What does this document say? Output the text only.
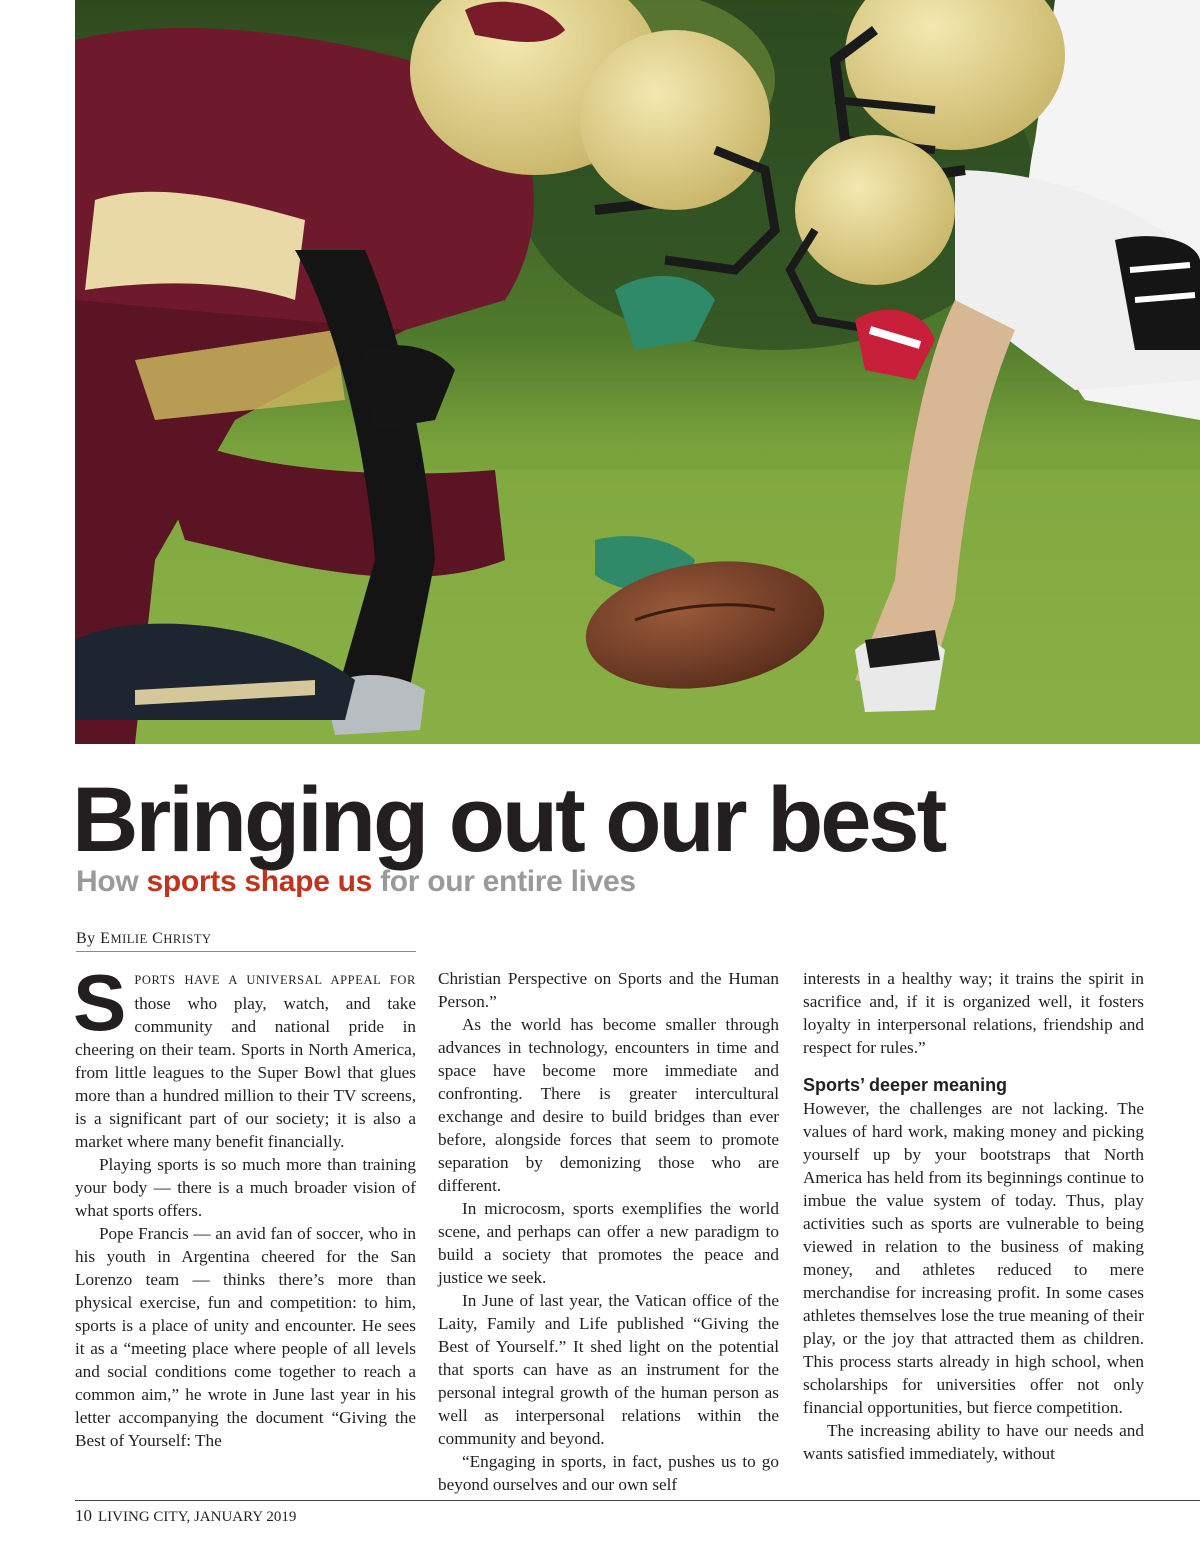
Bringing out our best
How sports shape us for our entire lives
By EMILIE CHRISTY

SPORTS HAVE A UNIVERSAL APPEAL FOR those who play, watch, and take community and national pride in cheering on their team. Sports in North America, from little leagues to the Super Bowl that glues more than a hundred million to their TV screens, is a significant part of our society; it is also a market where many benefit financially.

Playing sports is so much more than training your body — there is a much broader vision of what sports offers.

Pope Francis — an avid fan of soccer, who in his youth in Argentina cheered for the San Lorenzo team — thinks there’s more than physical exercise, fun and competition: to him, sports is a place of unity and encounter. He sees it as a “meeting place where people of all levels and social conditions come together to reach a common aim,” he wrote in June last year in his letter accompanying the document “Giving the Best of Yourself: The

Christian Perspective on Sports and the Human Person.”

As the world has become smaller through advances in technology, encounters in time and space have become more immediate and confronting. There is greater intercultural exchange and desire to build bridges than ever before, alongside forces that seem to promote separation by demonizing those who are different.

In microcosm, sports exemplifies the world scene, and perhaps can offer a new paradigm to build a society that promotes the peace and justice we seek.

In June of last year, the Vatican office of the Laity, Family and Life published “Giving the Best of Yourself.” It shed light on the potential that sports can have as an instrument for the personal integral growth of the human person as well as interpersonal relations within the community and beyond.

“Engaging in sports, in fact, pushes us to go beyond ourselves and our own self

interests in a healthy way; it trains the spirit in sacrifice and, if it is organized well, it fosters loyalty in interpersonal relations, friendship and respect for rules.”

Sports’ deeper meaning

However, the challenges are not lacking. The values of hard work, making money and picking yourself up by your bootstraps that North America has held from its beginnings continue to imbue the value system of today. Thus, play activities such as sports are vulnerable to being viewed in relation to the business of making money, and athletes reduced to mere merchandise for increasing profit. In some cases athletes themselves lose the true meaning of their play, or the joy that attracted them as children. This process starts already in high school, when scholarships for universities offer not only financial opportunities, but fierce competition.

The increasing ability to have our needs and wants satisfied immediately, without

10 LIVING CITY, JANUARY 2019
